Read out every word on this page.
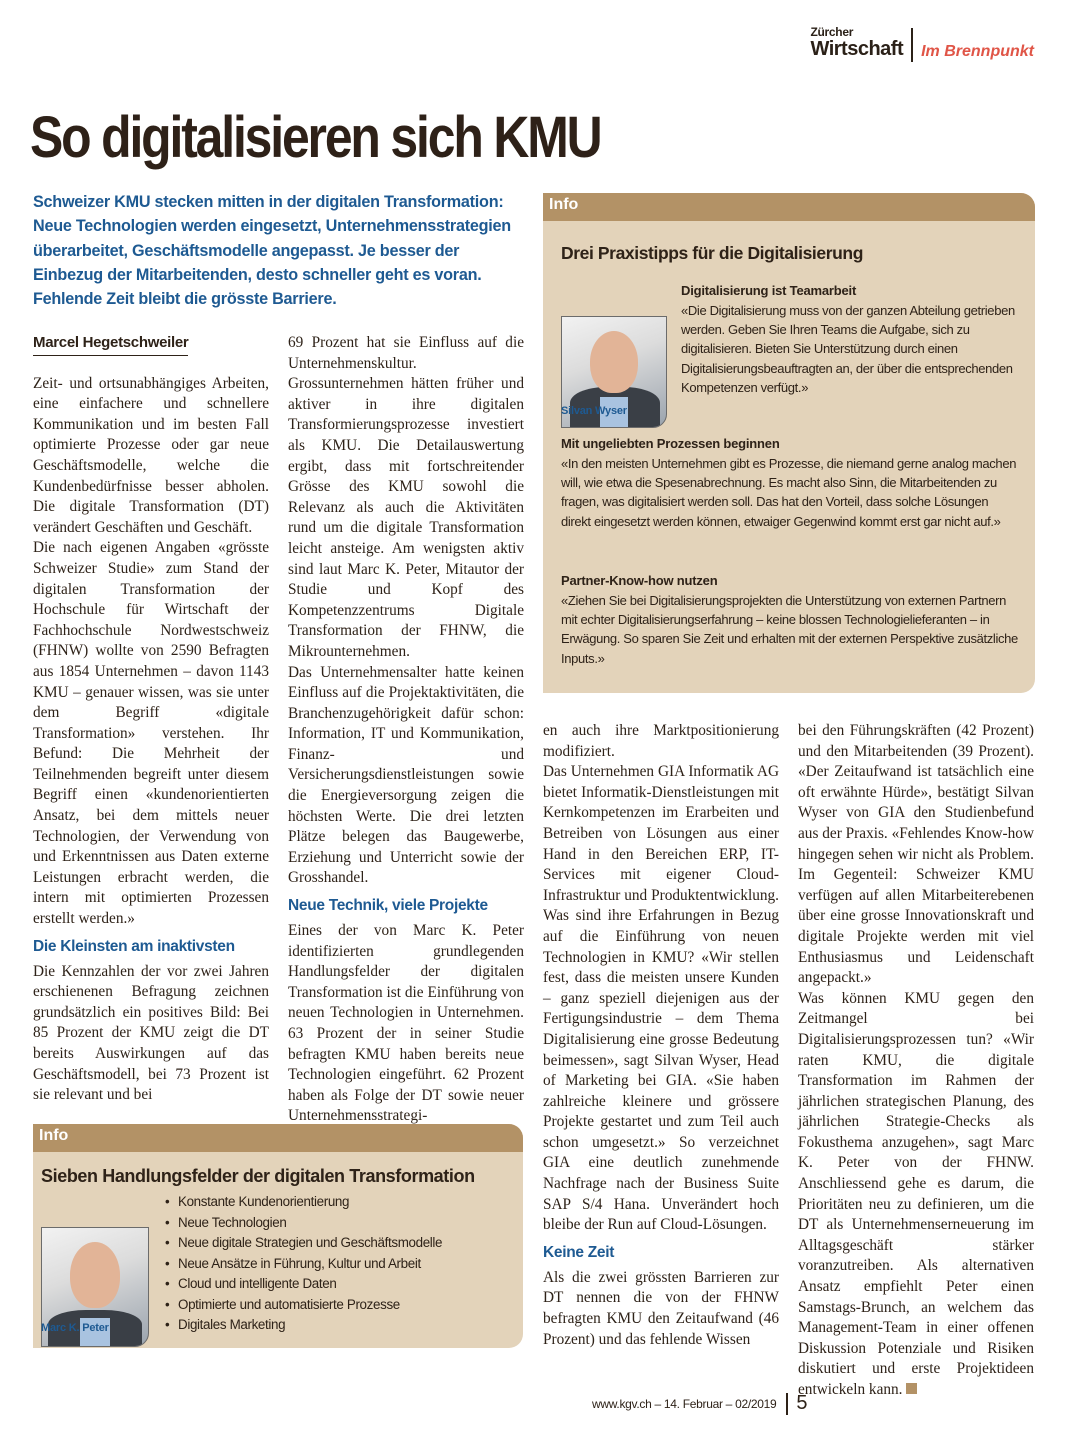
Zürcher
Wirtschaft Im Brennpunkt
So digitalisieren sich KMU
Schweizer KMU stecken mitten in der digitalen Transformation: Neue Technologien werden eingesetzt, Unternehmensstrategien überarbeitet, Geschäftsmodelle angepasst. Je besser der Einbezug der Mitarbeitenden, desto schneller geht es voran. Fehlende Zeit bleibt die grösste Barriere.
Marcel Hegetschweiler

Zeit- und ortsunabhängiges Arbeiten, eine einfachere und schnellere Kommunikation und im besten Fall optimierte Prozesse oder gar neue Geschäftsmodelle, welche die Kundenbedürfnisse besser abholen. Die digitale Transformation (DT) verändert Geschäften und Geschäft.

Die nach eigenen Angaben «grösste Schweizer Studie» zum Stand der digitalen Transformation der Hochschule für Wirtschaft der Fachhochschule Nordwestschweiz (FHNW) wollte von 2590 Befragten aus 1854 Unternehmen – davon 1143 KMU – genauer wissen, was sie unter dem Begriff «digitale Transformation» verstehen. Ihr Befund: Die Mehrheit der Teilnehmenden begreift unter diesem Begriff einen «kundenorientierten Ansatz, bei dem mittels neuer Technologien, der Verwendung von und Erkenntnissen aus Daten externe Leistungen erbracht werden, die intern mit optimierten Prozessen erstellt werden.»

Die Kleinsten am inaktivsten

Die Kennzahlen der vor zwei Jahren erschienenen Befragung zeichnen grundsätzlich ein positives Bild: Bei 85 Prozent der KMU zeigt die DT bereits Auswirkungen auf das Geschäftsmodell, bei 73 Prozent ist sie relevant und bei

69 Prozent hat sie Einfluss auf die Unternehmenskultur.

Grossunternehmen hätten früher und aktiver in ihre digitalen Transformierungsprozesse investiert als KMU. Die Detailauswertung ergibt, dass mit fortschreitender Grösse des KMU sowohl die Relevanz als auch die Aktivitäten rund um die digitale Transformation leicht ansteige. Am wenigsten aktiv sind laut Marc K. Peter, Mitautor der Studie und Kopf des Kompetenzzentrums Digitale Transformation der FHNW, die Mikrounternehmen.

Das Unternehmensalter hatte keinen Einfluss auf die Projektaktivitäten, die Branchenzugehörigkeit dafür schon: Information, IT und Kommunikation, Finanz- und Versicherungsdienstleistungen sowie die Energieversorgung zeigen die höchsten Werte. Die drei letzten Plätze belegen das Baugewerbe, Erziehung und Unterricht sowie der Grosshandel.

Neue Technik, viele Projekte

Eines der von Marc K. Peter identifizierten grundlegenden Handlungsfelder der digitalen Transformation ist die Einführung von neuen Technologien in Unternehmen. 63 Prozent der in seiner Studie befragten KMU haben bereits neue Technologien eingeführt. 62 Prozent haben als Folge der DT sowie neuer Unternehmensstrategi-

Info
Drei Praxistipps für die Digitalisierung
Silvan Wyser
Digitalisierung ist Teamarbeit
«Die Digitalisierung muss von der ganzen Abteilung getrieben werden. Geben Sie Ihren Teams die Aufgabe, sich zu digitalisieren. Bieten Sie Unterstützung durch einen Digitalisierungsbeauftragten an, der über die entsprechenden Kompetenzen verfügt.»
Mit ungeliebten Prozessen beginnen
«In den meisten Unternehmen gibt es Prozesse, die niemand gerne analog machen will, wie etwa die Spesenabrechnung. Es macht also Sinn, die Mitarbeitenden zu fragen, was digitalisiert werden soll. Das hat den Vorteil, dass solche Lösungen direkt eingesetzt werden können, etwaiger Gegenwind kommt erst gar nicht auf.»
Partner-Know-how nutzen
«Ziehen Sie bei Digitalisierungsprojekten die Unterstützung von externen Partnern mit echter Digitalisierungserfahrung – keine blossen Technologielieferanten – in Erwägung. So sparen Sie Zeit und erhalten mit der externen Perspektive zusätzliche Inputs.»

en auch ihre Marktpositionierung modifiziert.

Das Unternehmen GIA Informatik AG bietet Informatik-Dienstleistungen mit Kernkompetenzen im Erarbeiten und Betreiben von Lösungen aus einer Hand in den Bereichen ERP, IT-Services mit eigener Cloud-Infrastruktur und Produktentwicklung. Was sind ihre Erfahrungen in Bezug auf die Einführung von neuen Technologien in KMU? «Wir stellen fest, dass die meisten unsere Kunden – ganz speziell diejenigen aus der Fertigungsindustrie – dem Thema Digitalisierung eine grosse Bedeutung beimessen», sagt Silvan Wyser, Head of Marketing bei GIA. «Sie haben zahlreiche kleinere und grössere Projekte gestartet und zum Teil auch schon umgesetzt.» So verzeichnet GIA eine deutlich zunehmende Nachfrage nach der Business Suite SAP S/4 Hana. Unverändert hoch bleibe der Run auf Cloud-Lösungen.

Keine Zeit

Als die zwei grössten Barrieren zur DT nennen die von der FHNW befragten KMU den Zeitaufwand (46 Prozent) und das fehlende Wissen

bei den Führungskräften (42 Prozent) und den Mitarbeitenden (39 Prozent). «Der Zeitaufwand ist tatsächlich eine oft erwähnte Hürde», bestätigt Silvan Wyser von GIA den Studienbefund aus der Praxis. «Fehlendes Know-how hingegen sehen wir nicht als Problem. Im Gegenteil: Schweizer KMU verfügen auf allen Mitarbeiterebenen über eine grosse Innovationskraft und digitale Projekte werden mit viel Enthusiasmus und Leidenschaft angepackt.»

Was können KMU gegen den Zeitmangel bei Digitalisierungsprozessen tun? «Wir raten KMU, die digitale Transformation im Rahmen der jährlichen strategischen Planung, des jährlichen Strategie-Checks als Fokusthema anzugehen», sagt Marc K. Peter von der FHNW. Anschliessend gehe es darum, die Prioritäten neu zu definieren, um die DT als Unternehmenserneuerung im Alltagsgeschäft stärker voranzutreiben. Als alternativen Ansatz empfiehlt Peter einen Samstags-Brunch, an welchem das Management-Team in einer offenen Diskussion Potenziale und Risiken diskutiert und erste Projektideen entwickeln kann.

Info
Sieben Handlungsfelder der digitalen Transformation
Marc K. Peter
• Konstante Kundenorientierung
• Neue Technologien
• Neue digitale Strategien und Geschäftsmodelle
• Neue Ansätze in Führung, Kultur und Arbeit
• Cloud und intelligente Daten
• Optimierte und automatisierte Prozesse
• Digitales Marketing
www.kgv.ch – 14. Februar – 02/2019 5
